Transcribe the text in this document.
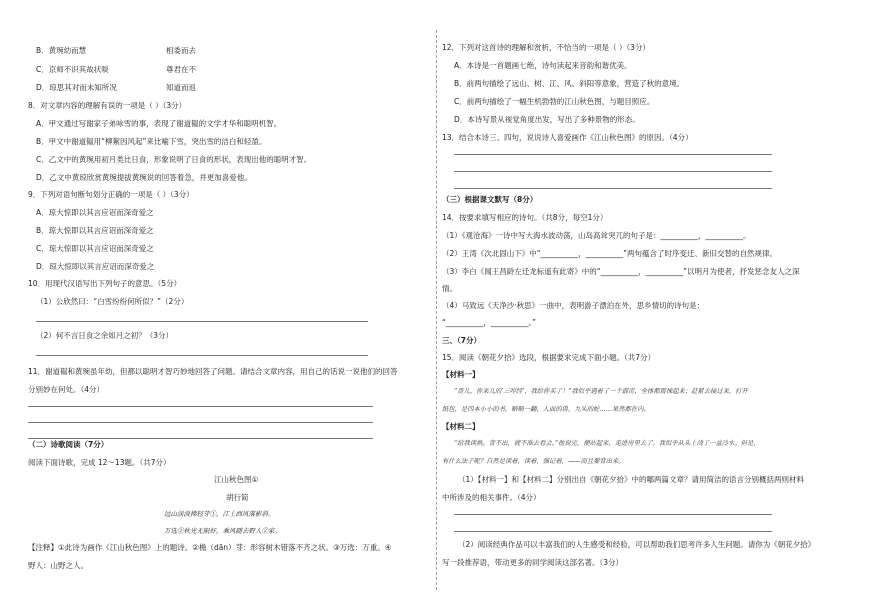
B．黄琬幼而慧	相委而去
C．京师不识其故状啖	尊君在不
D．琼思其对而未知所况	知道而返
8．对文章内容的理解有误的一项是（ ）（3分）
A．甲文通过写谢家子弟咏雪的事，表现了谢道韫的文学才华和聪明机智。
B．甲文中谢道韫用“柳絮因风起”来比喻下雪，突出雪的洁白和轻盈。
C．乙文中的黄琬用初月类比日食，形象说明了日食的形状，表现出他的聪明才智。
D．乙文中黄琼欣赏黄琬提拔黄琬说的回答着急，并更加喜爱他。
9．下列对语句断句划分正确的一项是（ ）（3分）
A．琼大惊即以其言应诏而深奇爱之
B．琼大惊即以其言应诏而深奇爱之
C．琼大惊即以其言应诏而深奇爱之
D．琼大惊即以其言应诏而深奇爱之
10．用现代汉语写出下列句子的意思。（5分）
（1）公欣然曰：“白雪纷纷何所似？”（2分）
（2）何不言日食之余如月之初？（3分）
11．谢道韫和黄琬虽年幼，但都以聪明才智巧妙地回答了问题。请结合文章内容，用自己的话说一说他们的回答
分别妙在何处。（4分）
（二）诗歌阅读（7分）
阅读下面诗歌，完成 12～13题。（共7分）
江山秋色图①
胡行简
远山淡淡拂轻芽①，江上西风落影斜。
万选②秋光无限好，乘风随去野人②家。
【注释】①此诗为画作《江山秋色图》上的题诗。②檐（dān）芽：形容树木错落不齐之状。③万选：万重。④
野人：山野之人。
12．下列对这首诗的理解和赏析，不恰当的一项是（ ）（3分）
A．本诗是一首题画七绝，诗句读起来音韵和谐优美。
B．前两句描绘了远山、树、江、风、斜阳等意象，营造了秋的意境。
C．前两句描绘了一幅生机勃勃的江山秋色图，与题目照应。
D．本诗写景从视觉角度出发，写出了多种景物的形态。
13．结合本诗三、四句，说说诗人喜爱画作《江山秋色图》的原因。（4分）
（三）根据课文默写（8分）
14．按要求填写相应的诗句。（共8分，每空1分）
（1）《观沧海》一诗中写大海水波动荡，山岛高耸突兀的句子是：__________，__________。
（2）王湾《次北固山下》中“__________，__________”两句蕴含了时序变迁、新旧交替的自然规律。
（3）李白《闻王昌龄左迁龙标遥有此寄》中的“__________，__________”以明月为使者，抒发惩念友人之深
情。
（4）马致远《天净沙·秋思》一曲中，表明游子漂泊在外，思乡情切的诗句是：
“__________，__________。”
三、（7分）
15．阅读《朝花夕拾》选段，根据要求完成下面小题。（共7分）
【材料一】
“哥儿，你来儿的‘三哼经’，我给你买了！”我似乎遇着了一个霹雳，全体都震悚起来；赶紧去接过来，打开
纸包，是四本小小的书，略略一翻，人面的兽，九头的蛇……果然都在内。
【材料二】
“给我读熟。背不出，就不准去看会。”他说完，便站起来，走进房里去了。我似乎从头上浇了一盆冷水。但是，
有什么法子呢？自然是读着，读着，强记着，——而且要背出来。
（1）【材料一】和【材料二】分别出自《朝花夕拾》中的哪两篇文章？请用简洁的语言分别概括两则材料
中所涉及的相关事件。（4分）
（2）阅读经典作品可以丰富我们的人生感受和经验，可以帮助我们思考许多人生问题。请你为《朝花夕拾》
写一段推荐语，带动更多的同学阅读这部名著。（3分）
